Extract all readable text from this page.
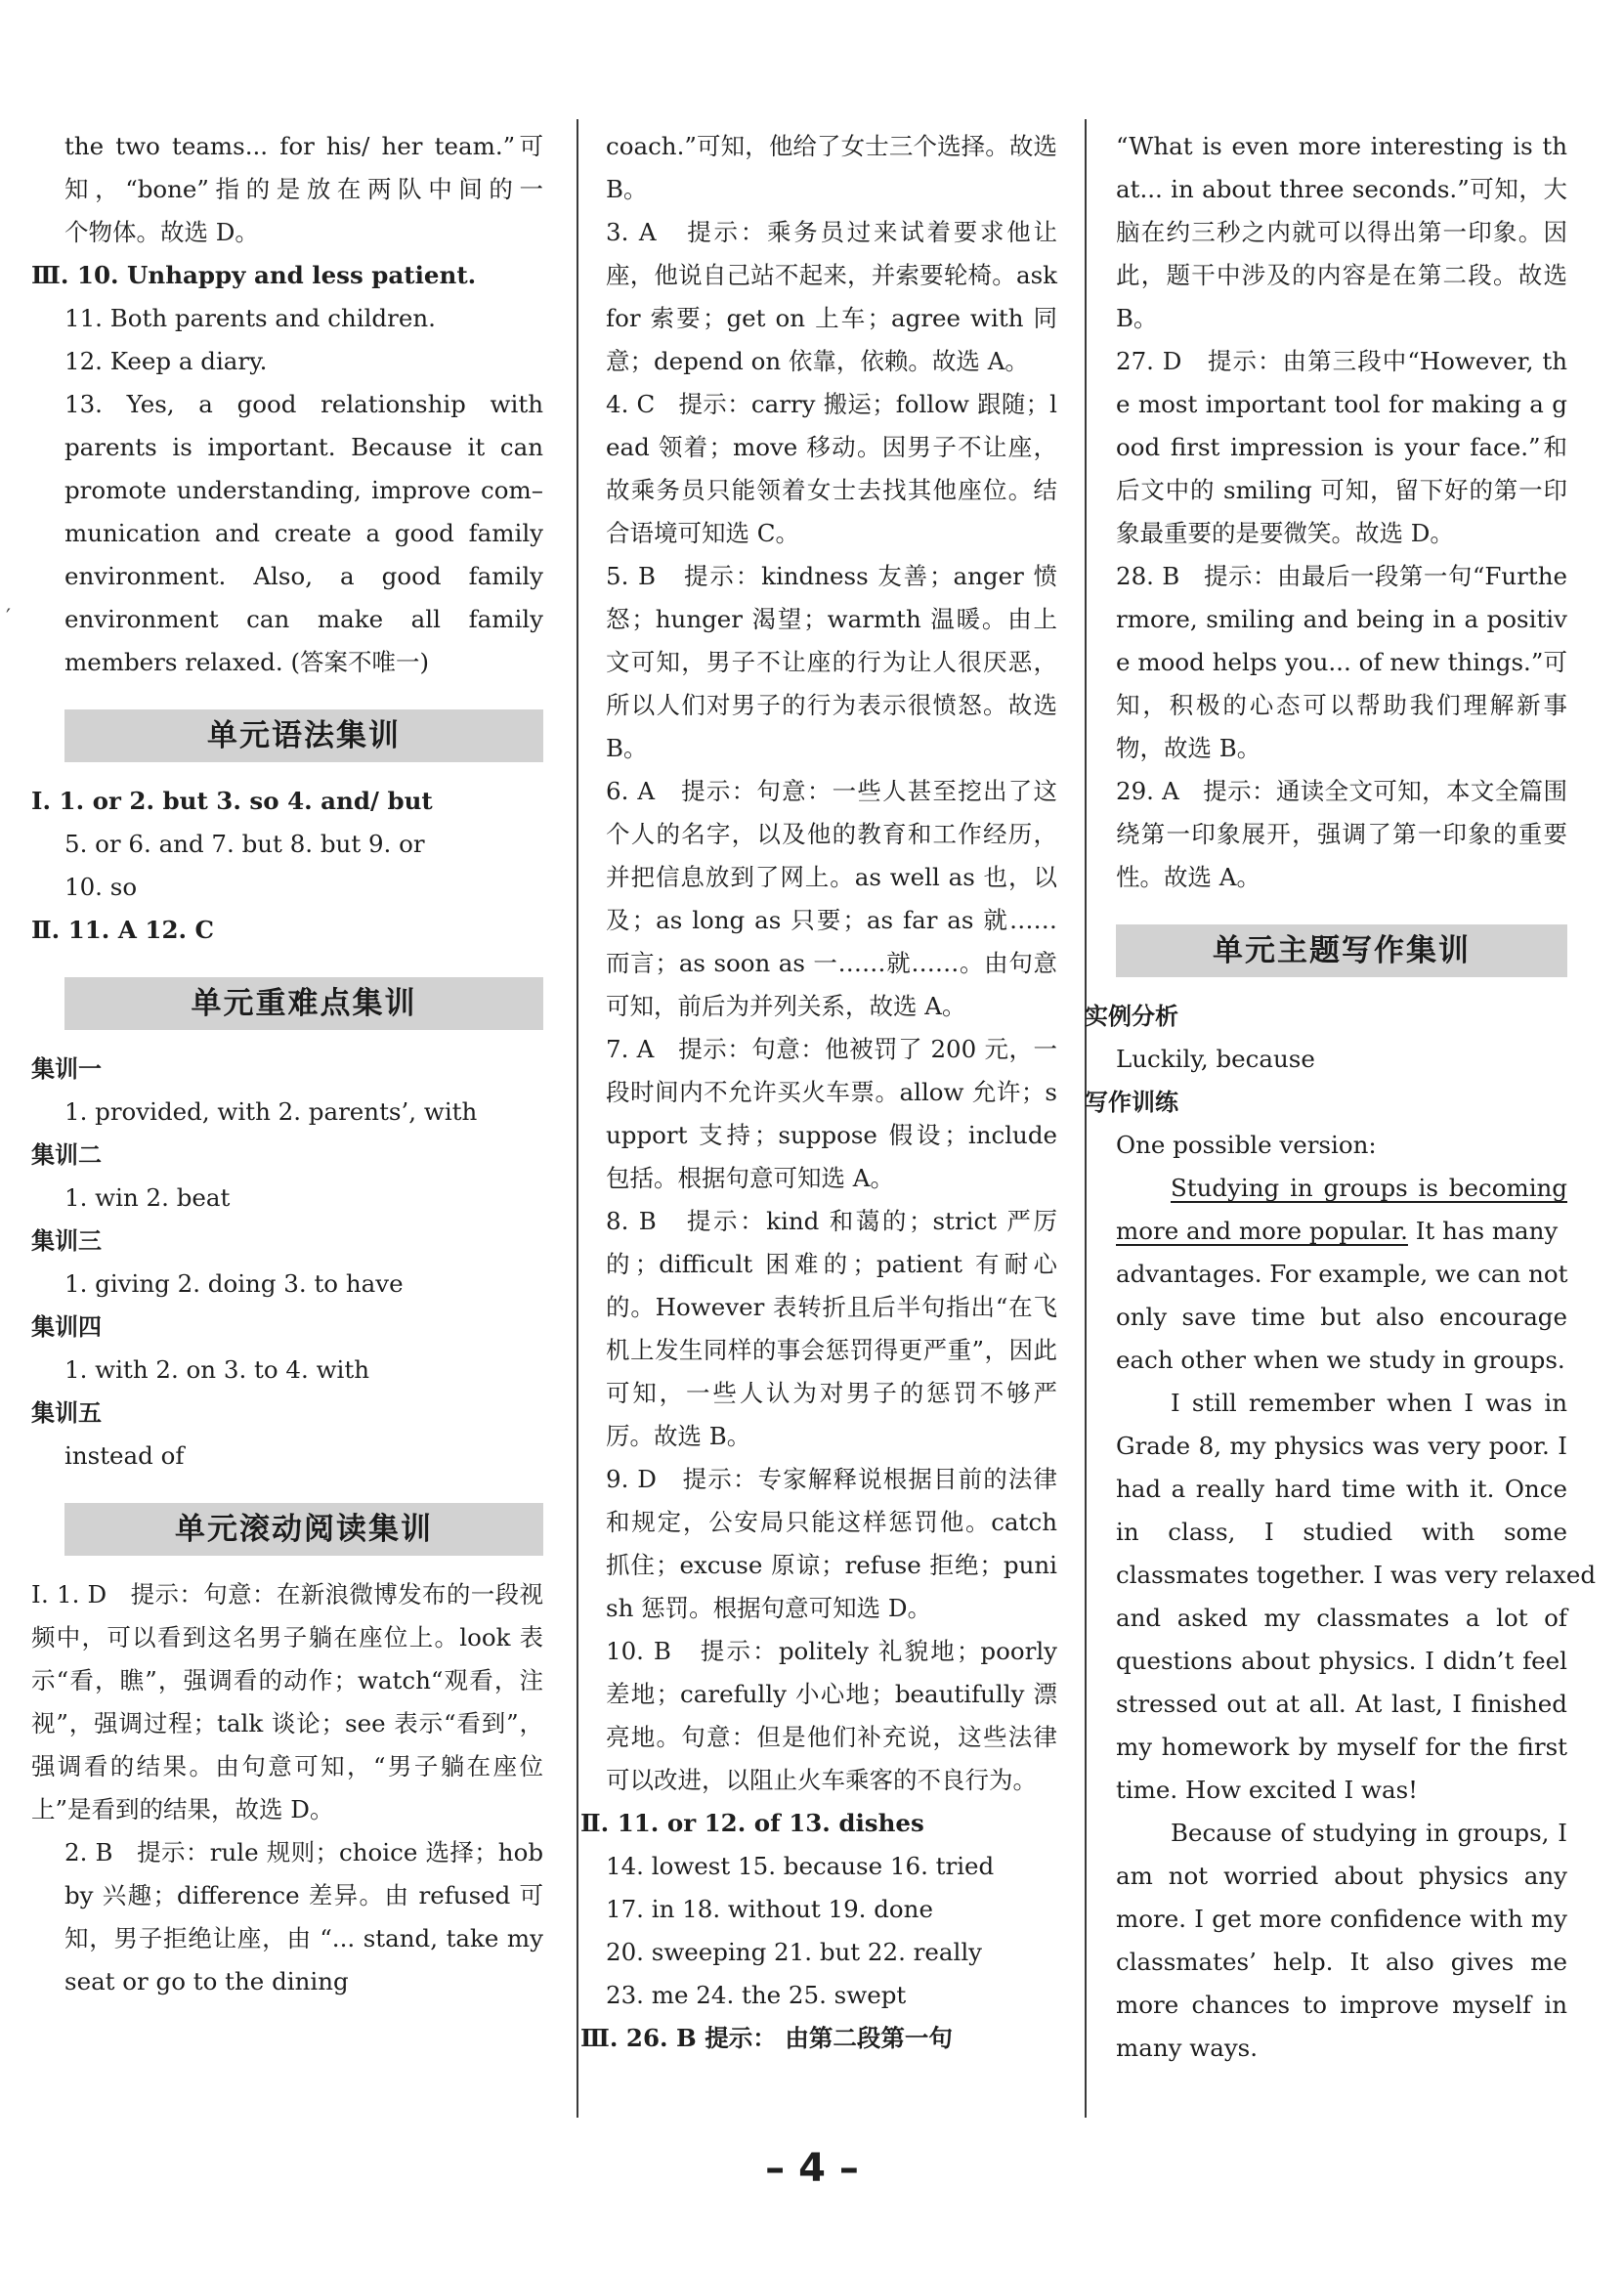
′
the two teams... for his/ her team.”可
知，“bone”指的是放在两队中间的一
个物体。故选 D。
Ⅲ. 10. Unhappy and less patient.
11. Both parents and children.
12. Keep a diary.
13. Yes, a good relationship with
parents is important. Because it can
promote understanding, improve com–
munication and create a good family
environment. Also, a good family
environment can make all family
members relaxed. (答案不唯一)
单元语法集训
Ⅰ. 1. or 2. but 3. so 4. and/ but
5. or 6. and 7. but 8. but 9. or
10. so
Ⅱ. 11. A 12. C
单元重难点集训
集训一
1. provided, with 2. parents’, with
集训二
1. win 2. beat
集训三
1. giving 2. doing 3. to have
集训四
1. with 2. on 3. to 4. with
集训五
instead of
单元滚动阅读集训
Ⅰ. 1. D   提示：句意：在新浪微博发布的一段视频中，可以看到这名男子躺在座位上。look 表示“看，瞧”，强调看的动作；watch“观看，注视”，强调过程；talk 谈论；see 表示“看到”，强调看的结果。由句意可知，“男子躺在座位上”是看到的结果，故选 D。
2. B   提示：rule 规则；choice 选择；hobby 兴趣；difference 差异。由 refused 可知，男子拒绝让座，由 “... stand, take my seat or go to the dining
coach.”可知，他给了女士三个选择。故选 B。
3. A   提示：乘务员过来试着要求他让座，他说自己站不起来，并索要轮椅。ask for 索要；get on 上车；agree with 同意；depend on 依靠，依赖。故选 A。
4. C   提示：carry 搬运；follow 跟随；lead 领着；move 移动。因男子不让座，故乘务员只能领着女士去找其他座位。结合语境可知选 C。
5. B   提示：kindness 友善；anger 愤怒；hunger 渴望；warmth 温暖。由上文可知，男子不让座的行为让人很厌恶，所以人们对男子的行为表示很愤怒。故选 B。
6. A   提示：句意：一些人甚至挖出了这个人的名字，以及他的教育和工作经历，并把信息放到了网上。as well as 也，以及；as long as 只要；as far as 就……而言；as soon as 一……就……。由句意可知，前后为并列关系，故选 A。
7. A   提示：句意：他被罚了 200 元，一段时间内不允许买火车票。allow 允许；support 支持；suppose 假设；include 包括。根据句意可知选 A。
8. B   提示：kind 和蔼的；strict 严厉的；difficult 困难的；patient 有耐心的。However 表转折且后半句指出“在飞机上发生同样的事会惩罚得更严重”，因此可知，一些人认为对男子的惩罚不够严厉。故选 B。
9. D   提示：专家解释说根据目前的法律和规定，公安局只能这样惩罚他。catch 抓住；excuse 原谅；refuse 拒绝；punish 惩罚。根据句意可知选 D。
10. B   提示：politely 礼貌地；poorly 差地；carefully 小心地；beautifully 漂亮地。句意：但是他们补充说，这些法律可以改进，以阻止火车乘客的不良行为。
Ⅱ. 11. or 12. of 13. dishes
14. lowest 15. because 16. tried
17. in 18. without 19. done
20. sweeping 21. but 22. really
23. me 24. the 25. swept
Ⅲ. 26. B 提示： 由第二段第一句
“What is even more interesting is that... in about three seconds.”可知，大脑在约三秒之内就可以得出第一印象。因此，题干中涉及的内容是在第二段。故选 B。
27. D   提示：由第三段中“However, the most important tool for making a good first impression is your face.”和后文中的 smiling 可知，留下好的第一印象最重要的是要微笑。故选 D。
28. B   提示：由最后一段第一句“Furthermore, smiling and being in a positive mood helps you... of new things.”可知，积极的心态可以帮助我们理解新事物，故选 B。
29. A   提示：通读全文可知，本文全篇围绕第一印象展开，强调了第一印象的重要性。故选 A。
单元主题写作集训
实例分析
Luckily, because
写作训练
One possible version:
Studying in groups is becoming
more and more popular. It has many
advantages. For example, we can not
only save time but also encourage
each other when we study in groups.
I still remember when I was in
Grade 8, my physics was very poor. I
had a really hard time with it. Once
in class, I studied with some
classmates together. I was very relaxed
and asked my classmates a lot of
questions about physics. I didn’t feel
stressed out at all. At last, I finished
my homework by myself for the first
time. How excited I was!
Because of studying in groups, I
am not worried about physics any
more. I get more confidence with my
classmates’ help. It also gives me
more chances to improve myself in
many ways.
– 4 –
